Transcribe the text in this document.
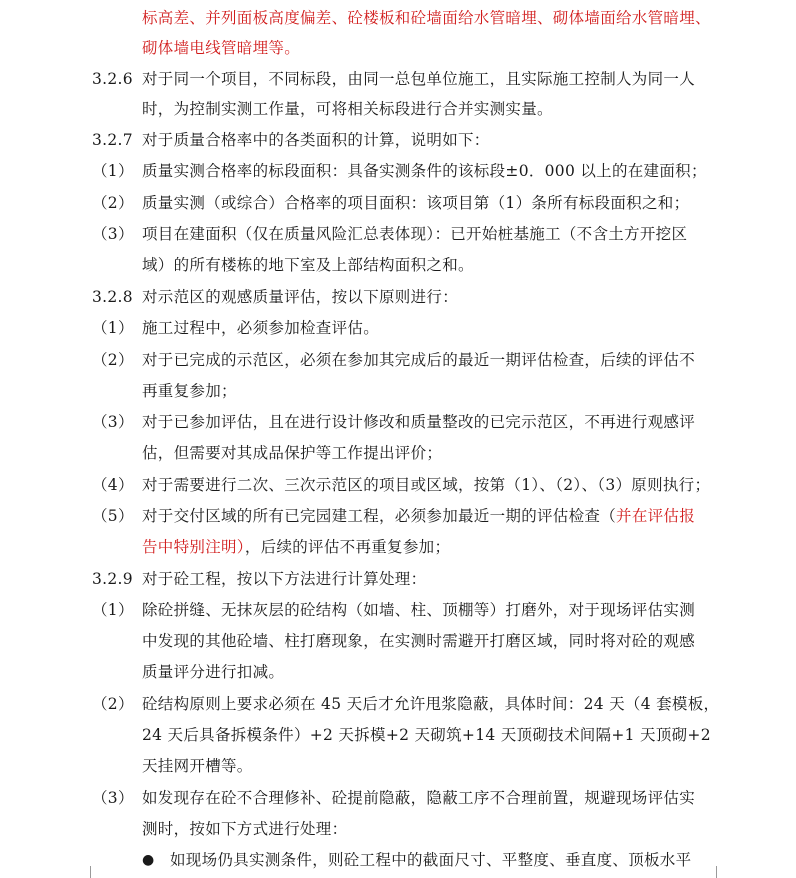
标高差、并列面板高度偏差、砼楼板和砼墙面给水管暗埋、砌体墙面给水管暗埋、
砌体墙电线管暗埋等。
3.2.6 对于同一个项目，不同标段，由同一总包单位施工，且实际施工控制人为同一人
时，为控制实测工作量，可将相关标段进行合并实测实量。
3.2.7 对于质量合格率中的各类面积的计算，说明如下：
（1） 质量实测合格率的标段面积：具备实测条件的该标段±0．000 以上的在建面积；
（2） 质量实测（或综合）合格率的项目面积：该项目第（1）条所有标段面积之和；
（3） 项目在建面积（仅在质量风险汇总表体现）：已开始桩基施工（不含土方开挖区
域）的所有楼栋的地下室及上部结构面积之和。
3.2.8 对示范区的观感质量评估，按以下原则进行：
（1） 施工过程中，必须参加检查评估。
（2） 对于已完成的示范区，必须在参加其完成后的最近一期评估检查，后续的评估不
再重复参加；
（3） 对于已参加评估，且在进行设计修改和质量整改的已完示范区，不再进行观感评
估，但需要对其成品保护等工作提出评价；
（4） 对于需要进行二次、三次示范区的项目或区域，按第（1）、（2）、（3）原则执行；
（5） 对于交付区域的所有已完园建工程，必须参加最近一期的评估检查（并在评估报
告中特别注明），后续的评估不再重复参加；
3.2.9 对于砼工程，按以下方法进行计算处理：
（1） 除砼拼缝、无抹灰层的砼结构（如墙、柱、顶棚等）打磨外，对于现场评估实测
中发现的其他砼墙、柱打磨现象，在实测时需避开打磨区域，同时将对砼的观感
质量评分进行扣减。
（2） 砼结构原则上要求必须在 45 天后才允许甩浆隐蔽，具体时间：24 天（4 套模板，
24 天后具备拆模条件）+2 天拆模+2 天砌筑+14 天顶砌技术间隔+1 天顶砌+2
天挂网开槽等。
（3） 如发现存在砼不合理修补、砼提前隐蔽，隐蔽工序不合理前置，规避现场评估实
测时，按如下方式进行处理：
● 如现场仍具实测条件，则砼工程中的截面尺寸、平整度、垂直度、顶板水平
